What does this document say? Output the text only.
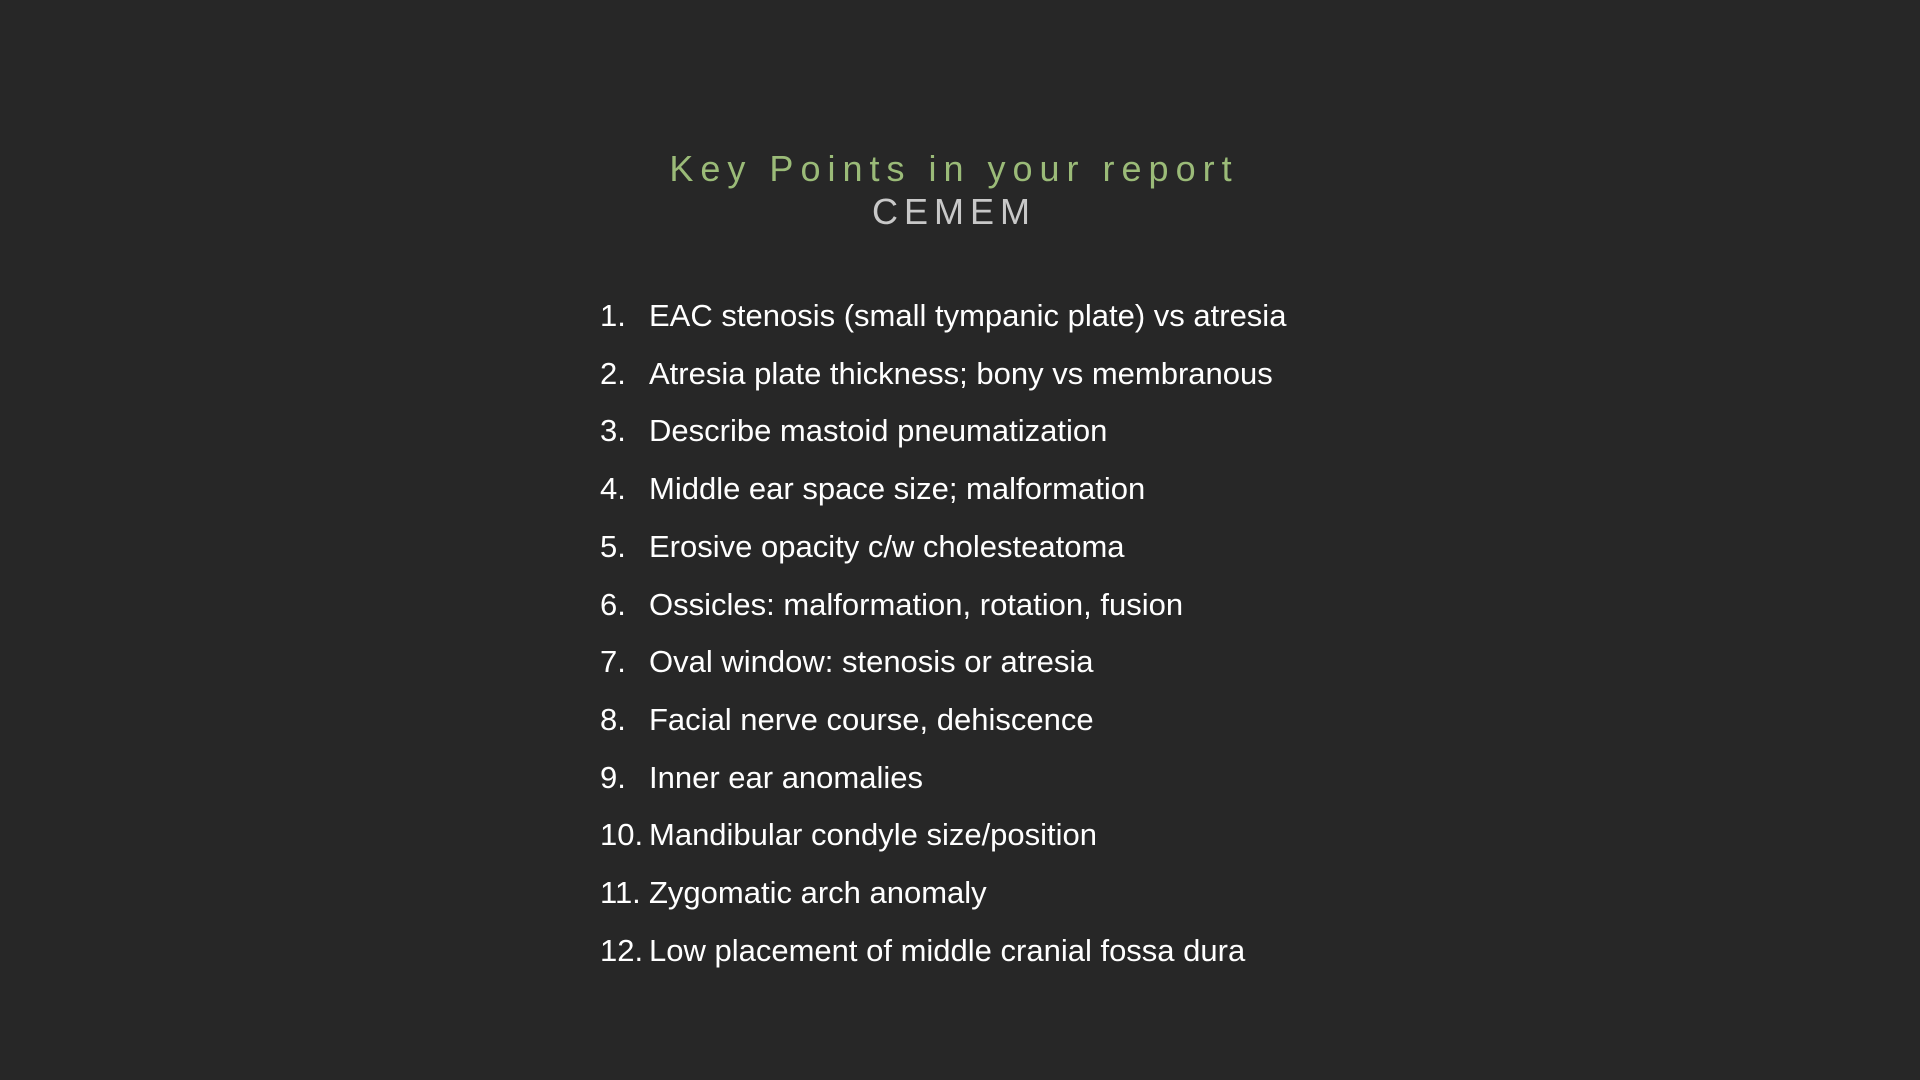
Key Points in your report
CEMEM
1. EAC stenosis (small tympanic plate) vs atresia
2. Atresia plate thickness; bony vs membranous
3. Describe mastoid pneumatization
4. Middle ear space size; malformation
5. Erosive opacity c/w cholesteatoma
6. Ossicles: malformation, rotation, fusion
7. Oval window: stenosis or atresia
8. Facial nerve course, dehiscence
9. Inner ear anomalies
10. Mandibular condyle size/position
11. Zygomatic arch anomaly
12. Low placement of middle cranial fossa dura
